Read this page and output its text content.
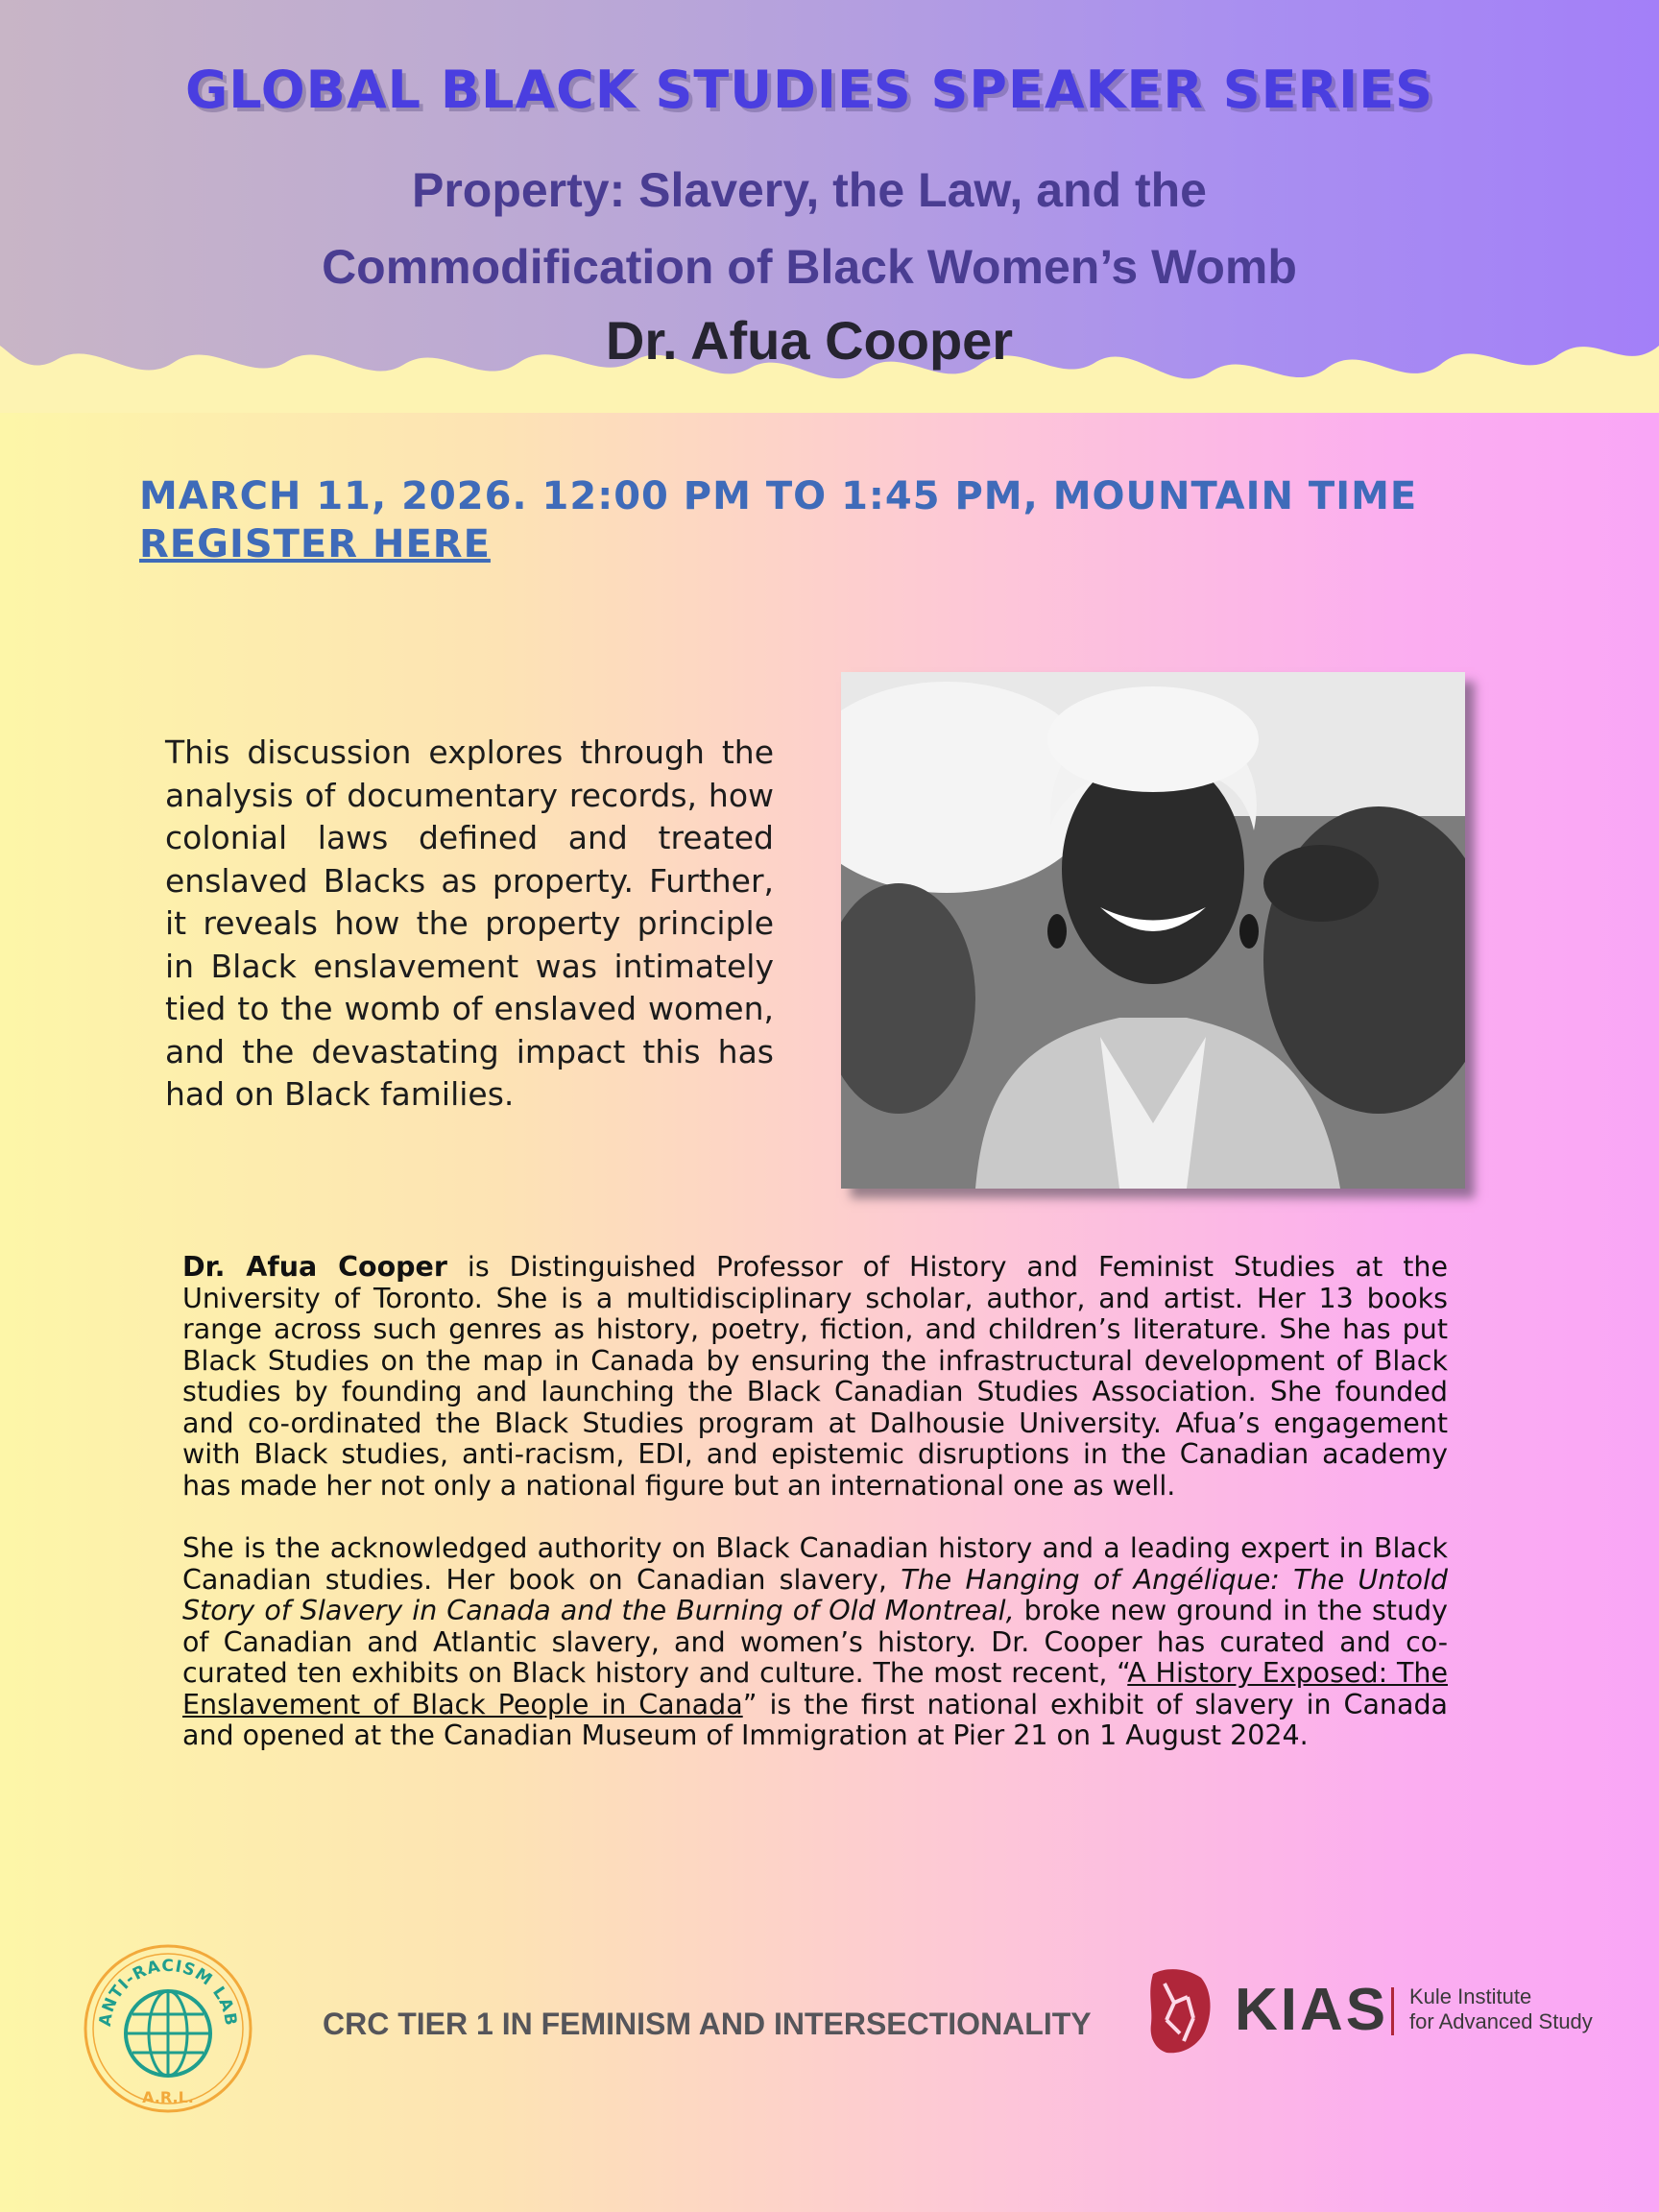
GLOBAL BLACK STUDIES SPEAKER SERIES
Property: Slavery, the Law, and the
Commodification of Black Women’s Womb
Dr. Afua Cooper
MARCH 11, 2026. 12:00 PM TO 1:45 PM, MOUNTAIN TIME
REGISTER HERE

This discussion explores through the analysis of documentary records, how colonial laws defined and treated enslaved Blacks as property. Further, it reveals how the property principle in Black enslavement was intimately tied to the womb of enslaved women, and the devastating impact this has had on Black families.

Dr. Afua Cooper is Distinguished Professor of History and Feminist Studies at the University of Toronto. She is a multidisciplinary scholar, author, and artist. Her 13 books range across such genres as history, poetry, fiction, and children’s literature. She has put Black Studies on the map in Canada by ensuring the infrastructural development of Black studies by founding and launching the Black Canadian Studies Association. She founded and co-ordinated the Black Studies program at Dalhousie University. Afua’s engagement with Black studies, anti-racism, EDI, and epistemic disruptions in the Canadian academy has made her not only a national figure but an international one as well.

She is the acknowledged authority on Black Canadian history and a leading expert in Black Canadian studies. Her book on Canadian slavery, The Hanging of Angélique: The Untold Story of Slavery in Canada and the Burning of Old Montreal, broke new ground in the study of Canadian and Atlantic slavery, and women’s history. Dr. Cooper has curated and co-curated ten exhibits on Black history and culture. The most recent, “A History Exposed: The Enslavement of Black People in Canada” is the first national exhibit of slavery in Canada and opened at the Canadian Museum of Immigration at Pier 21 on 1 August 2024.

ANTI-RACISM LAB
A.R.L.
CRC TIER 1 IN FEMINISM AND INTERSECTIONALITY KIAS Kule Institute
for Advanced Study
